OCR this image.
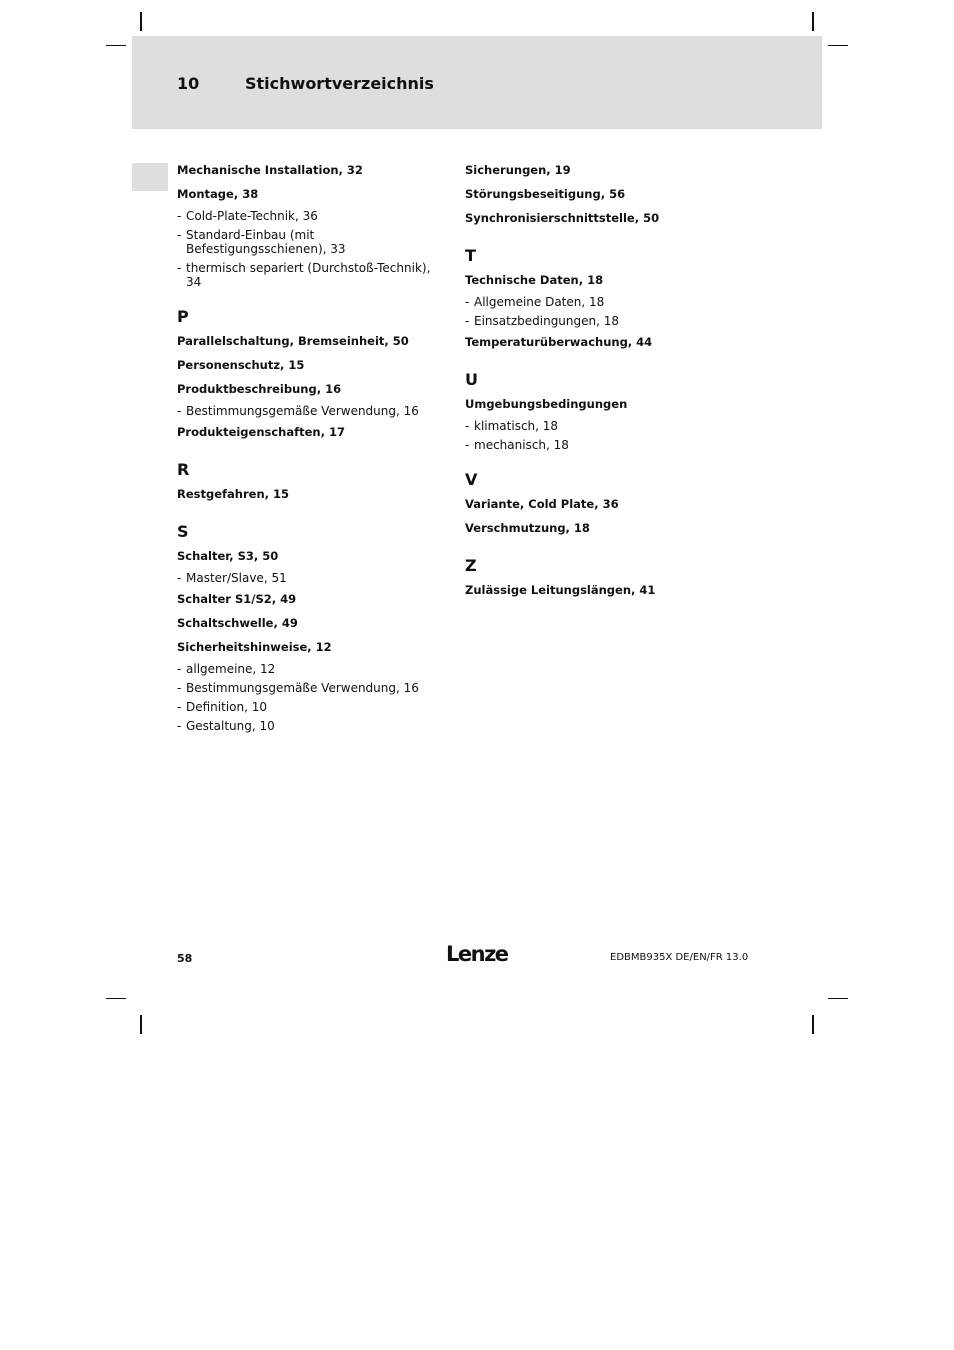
10	Stichwortverzeichnis
Mechanische Installation, 32
Montage, 38
- Cold-Plate-Technik, 36
- Standard-Einbau (mit Befestigungsschienen), 33
- thermisch separiert (Durchstoß-Technik), 34
P
Parallelschaltung, Bremseinheit, 50
Personenschutz, 15
Produktbeschreibung, 16
- Bestimmungsgemäße Verwendung, 16
Produkteigenschaften, 17
R
Restgefahren, 15
S
Schalter, S3, 50
- Master/Slave, 51
Schalter S1/S2, 49
Schaltschwelle, 49
Sicherheitshinweise, 12
- allgemeine, 12
- Bestimmungsgemäße Verwendung, 16
- Definition, 10
- Gestaltung, 10
Sicherungen, 19
Störungsbeseitigung, 56
Synchronisierschnittstelle, 50
T
Technische Daten, 18
- Allgemeine Daten, 18
- Einsatzbedingungen, 18
Temperaturüberwachung, 44
U
Umgebungsbedingungen
- klimatisch, 18
- mechanisch, 18
V
Variante, Cold Plate, 36
Verschmutzung, 18
Z
Zulässige Leitungslängen, 41
58	Lenze	EDBMB935X DE/EN/FR 13.0
